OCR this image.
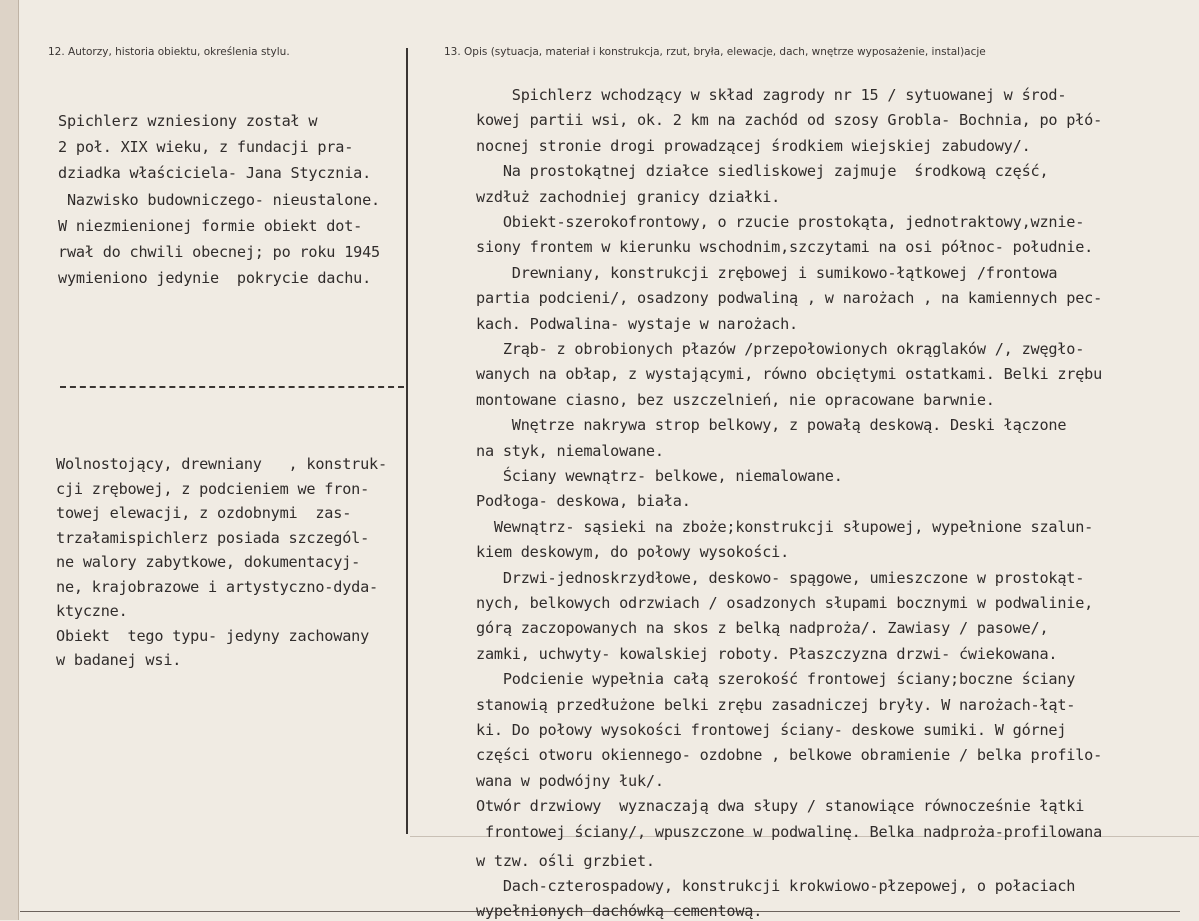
12. Autorzy, historia obiektu, określenia stylu.	13. Opis (sytuacja, materiał i konstrukcja, rzut, bryła, elewacje, dach, wnętrze wyposażenie, instal)acje
Spichlerz wzniesiony został w
2 poł. XIX wieku, z fundacji pra-
dziadka właściciela- Jana Stycznia.
Nazwisko budowniczego- nieustalone.
W niezmienionej formie obiekt dot-
rwał do chwili obecnej; po roku 1945
wymieniono jedynie  pokrycie dachu.
Wolnostojący, drewniany   , konstruk-
cji zrębowej, z podcieniem we fron-
towej elewacji, z ozdobnymi  zas-
trzałamispichlerz posiada szczegól-
ne walory zabytkowe, dokumentacyj-
ne, krajobrazowe i artystyczno-dyda-
ktyczne.
Obiekt  tego typu- jedyny zachowany
w badanej wsi.
Spichlerz wchodzący w skład zagrody nr 15 / sytuowanej w środ-
kowej partii wsi, ok. 2 km na zachód od szosy Grobla- Bochnia, po płó-
nocnej stronie drogi prowadzącej środkiem wiejskiej zabudowy/.
Na prostokątnej działce siedliskowej zajmuje  środkową część,
wzdłuż zachodniej granicy działki.
Obiekt-szerokofrontowy, o rzucie prostokąta, jednotraktowy,wznie-
siony frontem w kierunku wschodnim,szczytami na osi północ- południe.
Drewniany, konstrukcji zrębowej i sumikowo-łątkowej /frontowa
partia podcieni/, osadzony podwaliną , w narożach , na kamiennych pec-
kach. Podwalina- wystaje w narożach.
Zrąb- z obrobionych płazów /przepołowionych okrąglaków /, zwęgło-
wanych na obłap, z wystającymi, równo obciętymi ostatkami. Belki zrębu
montowane ciasno, bez uszczelnień, nie opracowane barwnie.
Wnętrze nakrywa strop belkowy, z powałą deskową. Deski łączone
na styk, niemalowane.
Ściany wewnątrz- belkowe, niemalowane.
Podłoga- deskowa, biała.
Wewnątrz- sąsieki na zboże;konstrukcji słupowej, wypełnione szalun-
kiem deskowym, do połowy wysokości.
Drzwi-jednoskrzydłowe, deskowo- spągowe, umieszczone w prostokąt-
nych, belkowych odrzwiach / osadzonych słupami bocznymi w podwalinie,
górą zaczopowanych na skos z belką nadproża/. Zawiasy / pasowe/,
zamki, uchwyty- kowalskiej roboty. Płaszczyzna drzwi- ćwiekowana.
Podcienie wypełnia całą szerokość frontowej ściany;boczne ściany
stanowią przedłużone belki zrębu zasadniczej bryły. W narożach-łąt-
ki. Do połowy wysokości frontowej ściany- deskowe sumiki. W górnej
części otworu okiennego- ozdobne , belkowe obramienie / belka profilo-
wana w podwójny łuk/.
Otwór drzwiowy  wyznaczają dwa słupy / stanowiące równocześnie łątki
frontowej ściany/, wpuszczone w podwalinę. Belka nadproża-profilowana
w tzw. ośli grzbiet.
Dach-czterospadowy, konstrukcji krokwiowo-płzepowej, o połaciach
wypełnionych dachówką cementową.
